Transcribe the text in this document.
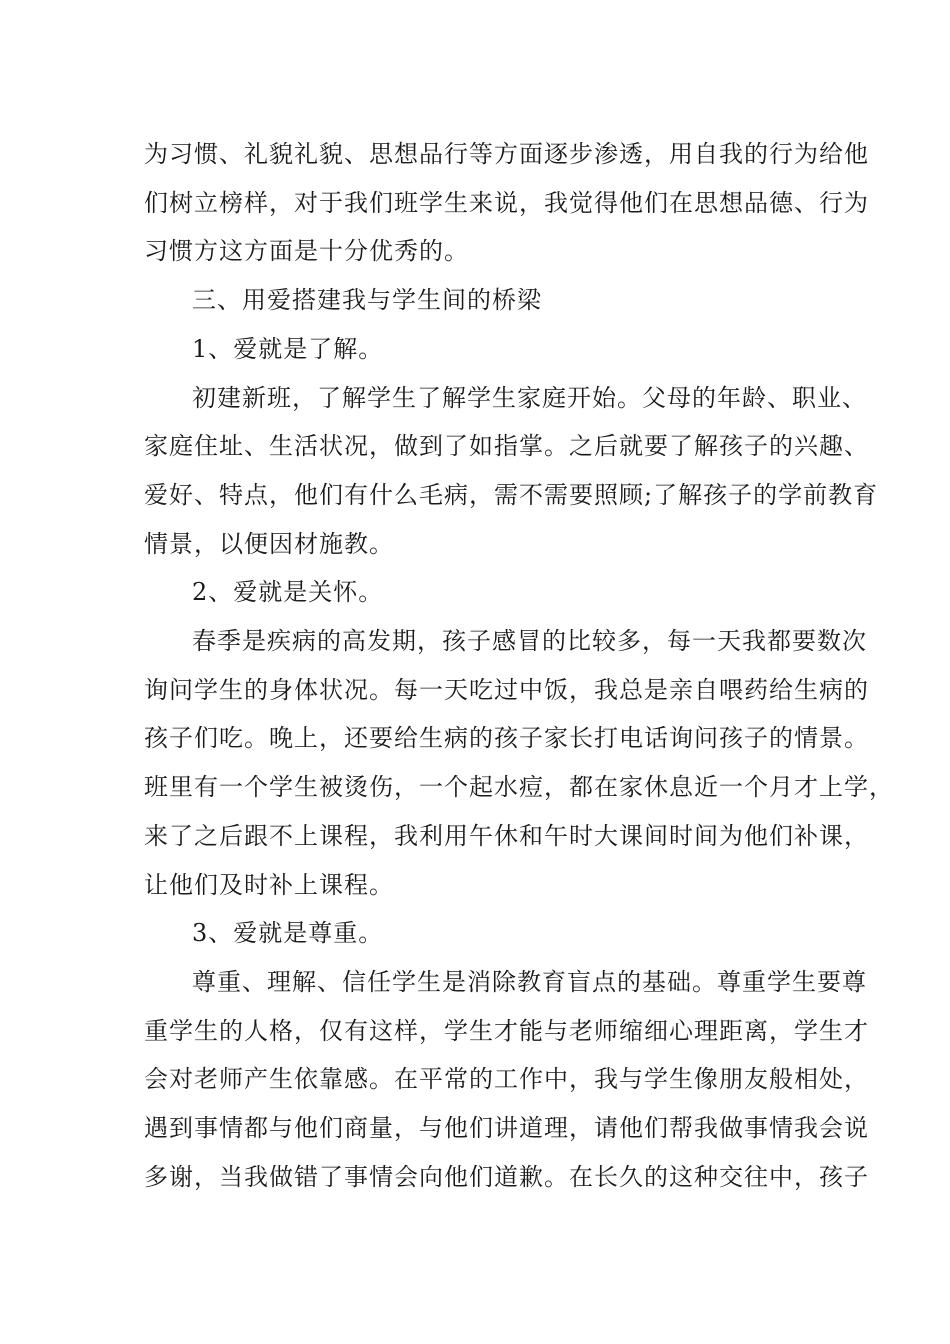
为习惯、礼貌礼貌、思想品行等方面逐步渗透，用自我的行为给他
们树立榜样，对于我们班学生来说，我觉得他们在思想品德、行为
习惯方这方面是十分优秀的。
三、用爱搭建我与学生间的桥梁
1、爱就是了解。
初建新班，了解学生了解学生家庭开始。父母的年龄、职业、
家庭住址、生活状况，做到了如指掌。之后就要了解孩子的兴趣、
爱好、特点，他们有什么毛病，需不需要照顾;了解孩子的学前教育
情景，以便因材施教。
2、爱就是关怀。
春季是疾病的高发期，孩子感冒的比较多，每一天我都要数次
询问学生的身体状况。每一天吃过中饭，我总是亲自喂药给生病的
孩子们吃。晚上，还要给生病的孩子家长打电话询问孩子的情景。
班里有一个学生被烫伤，一个起水痘，都在家休息近一个月才上学，
来了之后跟不上课程，我利用午休和午时大课间时间为他们补课，
让他们及时补上课程。
3、爱就是尊重。
尊重、理解、信任学生是消除教育盲点的基础。尊重学生要尊
重学生的人格，仅有这样，学生才能与老师缩细心理距离，学生才
会对老师产生依靠感。在平常的工作中，我与学生像朋友般相处，
遇到事情都与他们商量，与他们讲道理，请他们帮我做事情我会说
多谢，当我做错了事情会向他们道歉。在长久的这种交往中，孩子
